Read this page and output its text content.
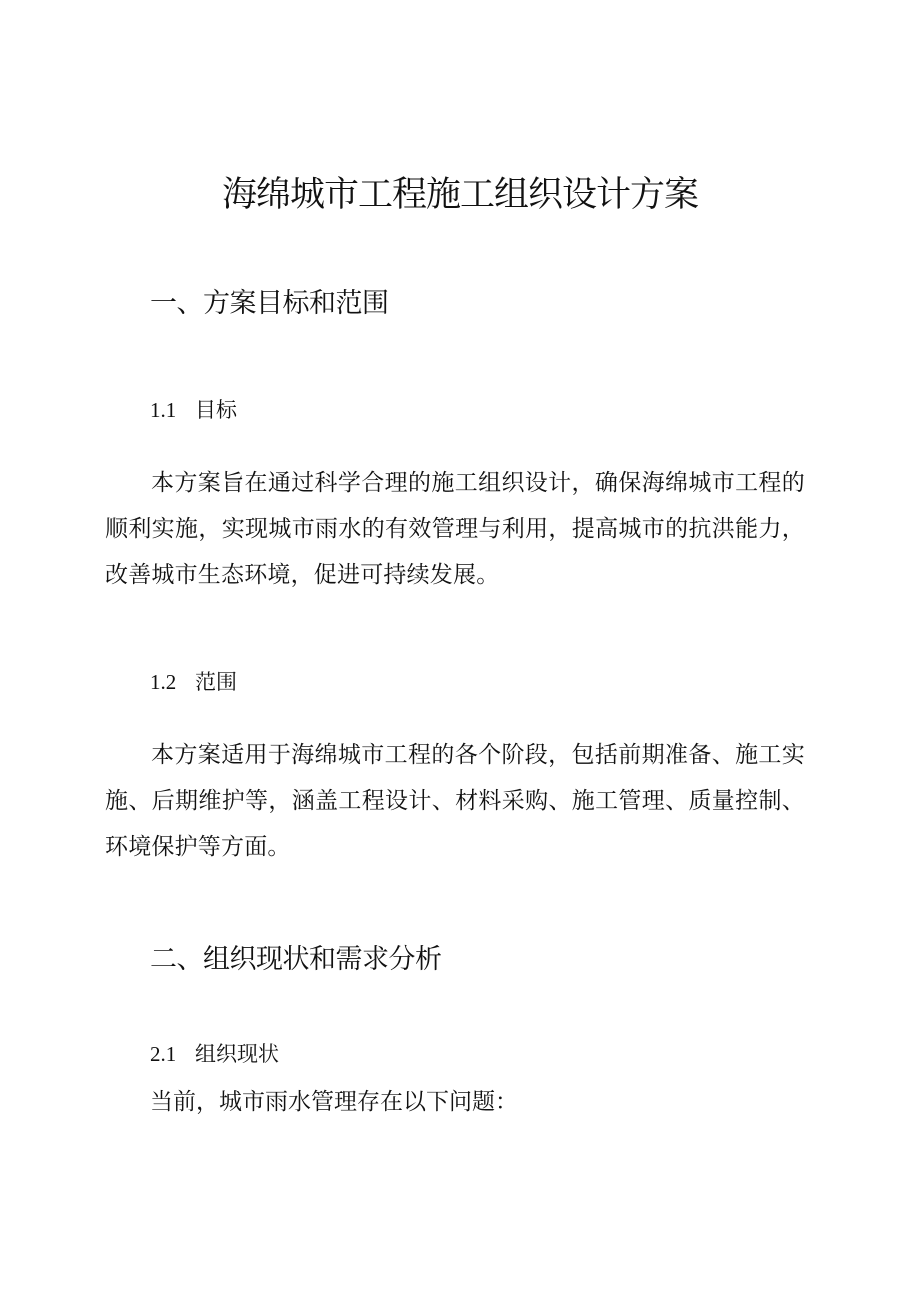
海绵城市工程施工组织设计方案
一、方案目标和范围
1.1 目标

本方案旨在通过科学合理的施工组织设计，确保海绵城市工程的顺利实施，实现城市雨水的有效管理与利用，提高城市的抗洪能力，改善城市生态环境，促进可持续发展。

1.2 范围

本方案适用于海绵城市工程的各个阶段，包括前期准备、施工实施、后期维护等，涵盖工程设计、材料采购、施工管理、质量控制、环境保护等方面。

二、组织现状和需求分析
2.1 组织现状

当前，城市雨水管理存在以下问题：
